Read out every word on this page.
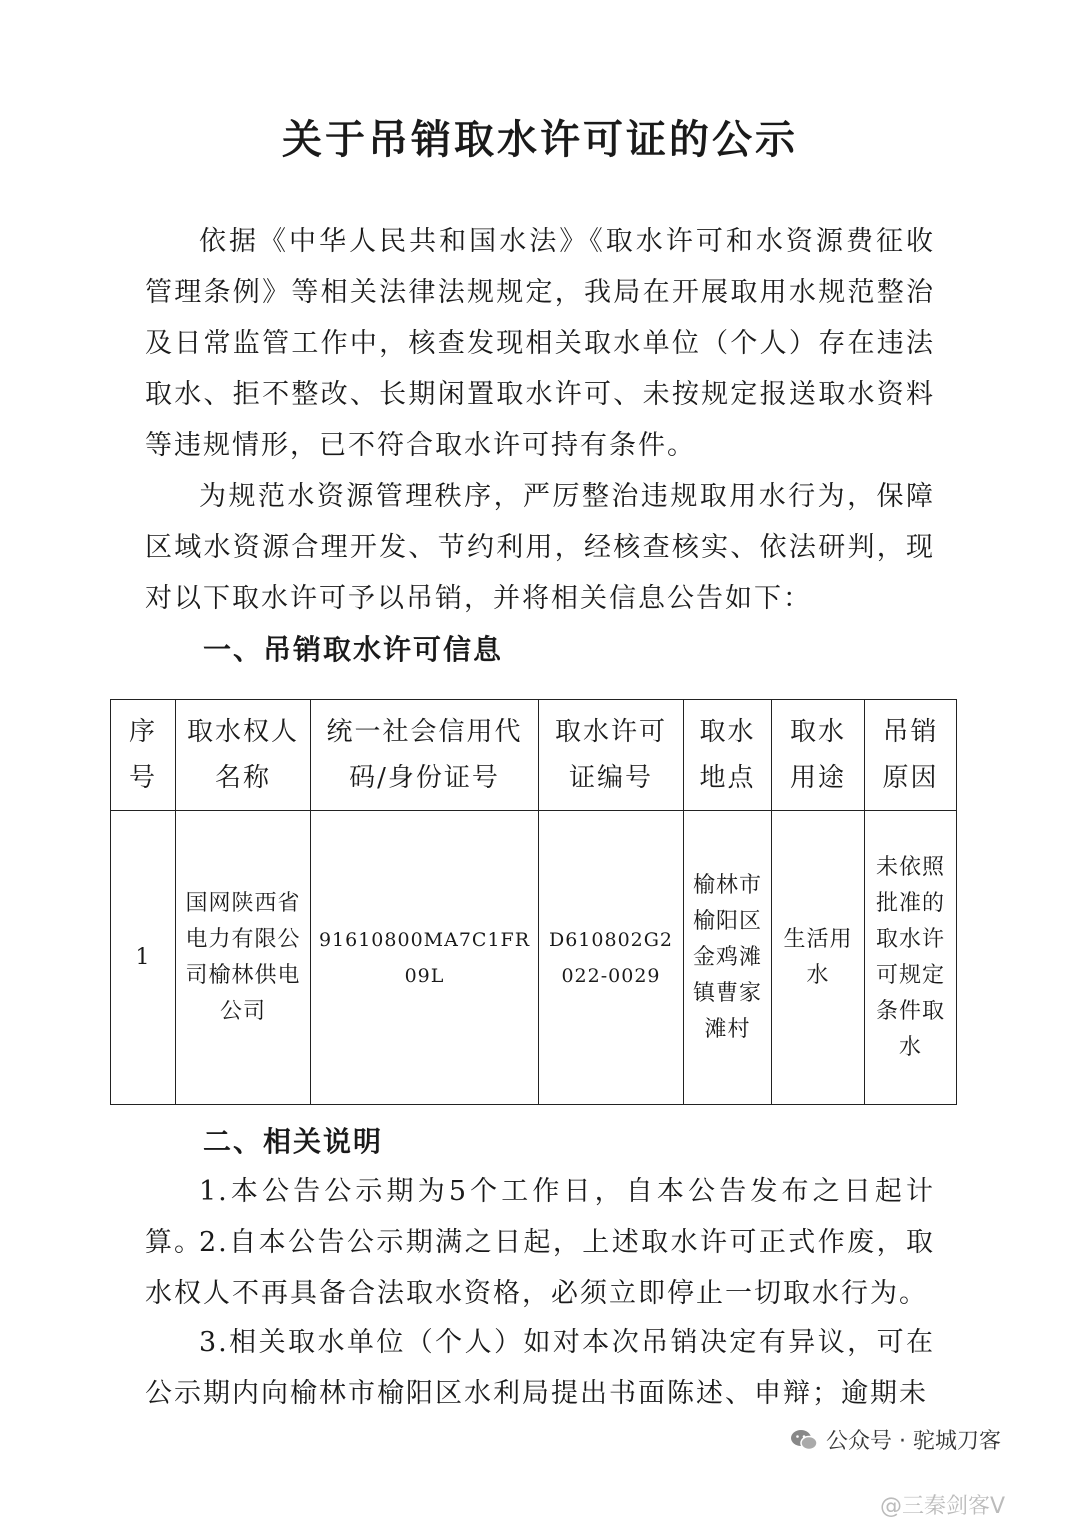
关于吊销取水许可证的公示

依据《中华人民共和国水法》《取水许可和水资源费征收管理条例》等相关法律法规规定，我局在开展取用水规范整治及日常监管工作中，核查发现相关取水单位（个人）存在违法取水、拒不整改、长期闲置取水许可、未按规定报送取水资料等违规情形，已不符合取水许可持有条件。

为规范水资源管理秩序，严厉整治违规取用水行为，保障区域水资源合理开发、节约利用，经核查核实、依法研判，现对以下取水许可予以吊销，并将相关信息公告如下：

一、吊销取水许可信息
序号	取水权人名称	统一社会信用代码/身份证号	取水许可证编号	取水地点	取水用途	吊销原因
1	国网陕西省电力有限公司榆林供电公司	91610800MA7C1FR09L	D610802G2022-0029	榆林市榆阳区金鸡滩镇曹家滩村	生活用水	未依照批准的取水许可规定条件取水
二、相关说明

1.本公告公示期为5个工作日，自本公告发布之日起计算。

2.自本公告公示期满之日起，上述取水许可正式作废，取水权人不再具备合法取水资格，必须立即停止一切取水行为。

3.相关取水单位（个人）如对本次吊销决定有异议，可在公示期内向榆林市榆阳区水利局提出书面陈述、申辩；逾期未

公众号 · 驼城刀客
@三秦剑客V
